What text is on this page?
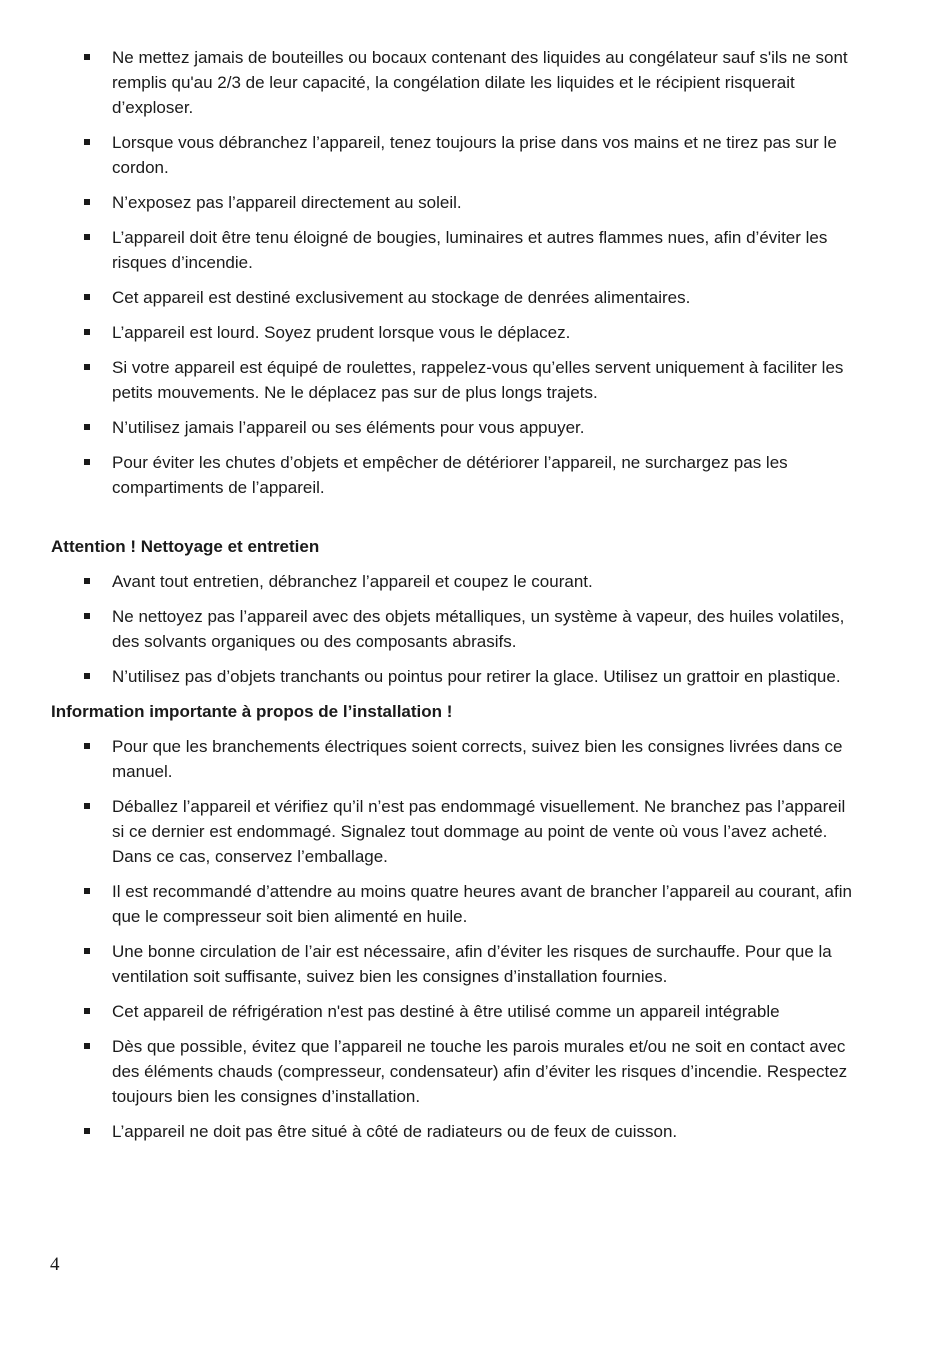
Ne mettez jamais de bouteilles ou bocaux contenant des liquides au congélateur sauf s'ils ne sont remplis qu'au 2/3 de leur capacité, la congélation dilate les liquides et le récipient risquerait d’exploser.
Lorsque vous débranchez l’appareil, tenez toujours la prise dans vos mains et ne tirez pas sur le cordon.
N’exposez pas l’appareil directement au soleil.
L’appareil doit être tenu éloigné de bougies, luminaires et autres flammes nues, afin d’éviter les risques d’incendie.
Cet appareil est destiné exclusivement au stockage de denrées alimentaires.
L’appareil est lourd. Soyez prudent lorsque vous le déplacez.
Si votre appareil est équipé de roulettes, rappelez-vous qu’elles servent uniquement à faciliter les petits mouvements. Ne le déplacez pas sur de plus longs trajets.
N’utilisez jamais l’appareil ou ses éléments pour vous appuyer.
Pour éviter les chutes d’objets et empêcher de détériorer l’appareil, ne surchargez pas les compartiments de l’appareil.
Attention ! Nettoyage et entretien
Avant tout entretien, débranchez l’appareil et coupez le courant.
Ne nettoyez pas l’appareil avec des objets métalliques, un système à vapeur, des huiles volatiles, des solvants organiques ou des composants abrasifs.
N’utilisez pas d’objets tranchants ou pointus pour retirer la glace. Utilisez un grattoir en plastique.
Information importante à propos de l’installation !
Pour que les branchements électriques soient corrects, suivez bien les consignes livrées dans ce manuel.
Déballez l’appareil et vérifiez qu’il n’est pas endommagé visuellement. Ne branchez pas l’appareil si ce dernier est endommagé. Signalez tout dommage au point de vente où vous l’avez acheté. Dans ce cas, conservez l’emballage.
Il est recommandé d’attendre au moins quatre heures avant de brancher l’appareil au courant, afin que le compresseur soit bien alimenté en huile.
Une bonne circulation de l’air est nécessaire, afin d’éviter les risques de surchauffe. Pour que la ventilation soit suffisante, suivez bien les consignes d’installation fournies.
Cet appareil de réfrigération n'est pas destiné à être utilisé comme un appareil intégrable
Dès que possible, évitez que l’appareil ne touche les parois murales et/ou ne soit en contact avec des éléments chauds (compresseur, condensateur) afin d’éviter les risques d’incendie. Respectez toujours bien les consignes d’installation.
L’appareil ne doit pas être situé à côté de radiateurs ou de feux de cuisson.
4
